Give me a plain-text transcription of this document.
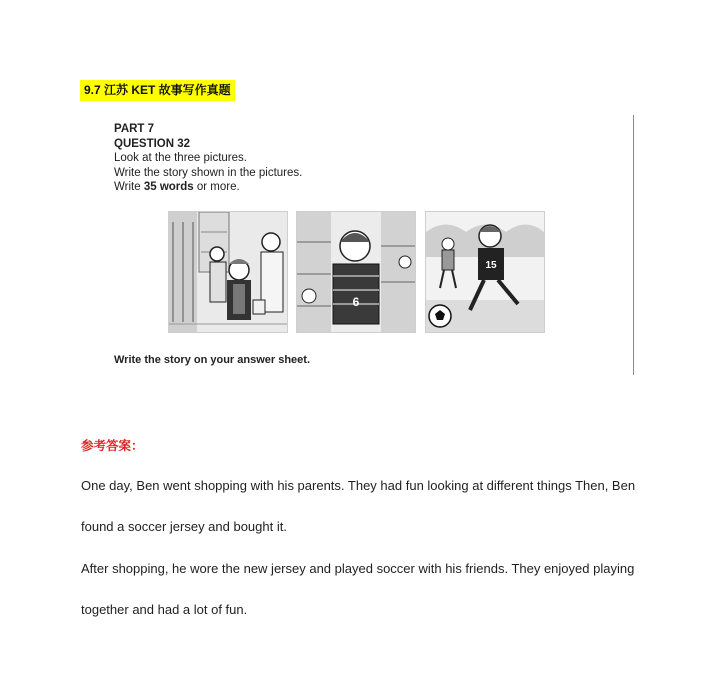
9.7 江苏 KET 故事写作真题
PART 7
QUESTION 32
Look at the three pictures.
Write the story shown in the pictures.
Write 35 words or more.
6
15
Write the story on your answer sheet.
参考答案：
One day, Ben went shopping with his parents. They had fun looking at different things Then, Ben
found a soccer jersey and bought it.
After shopping, he wore the new jersey and played soccer with his friends. They enjoyed playing
together and had a lot of fun.
